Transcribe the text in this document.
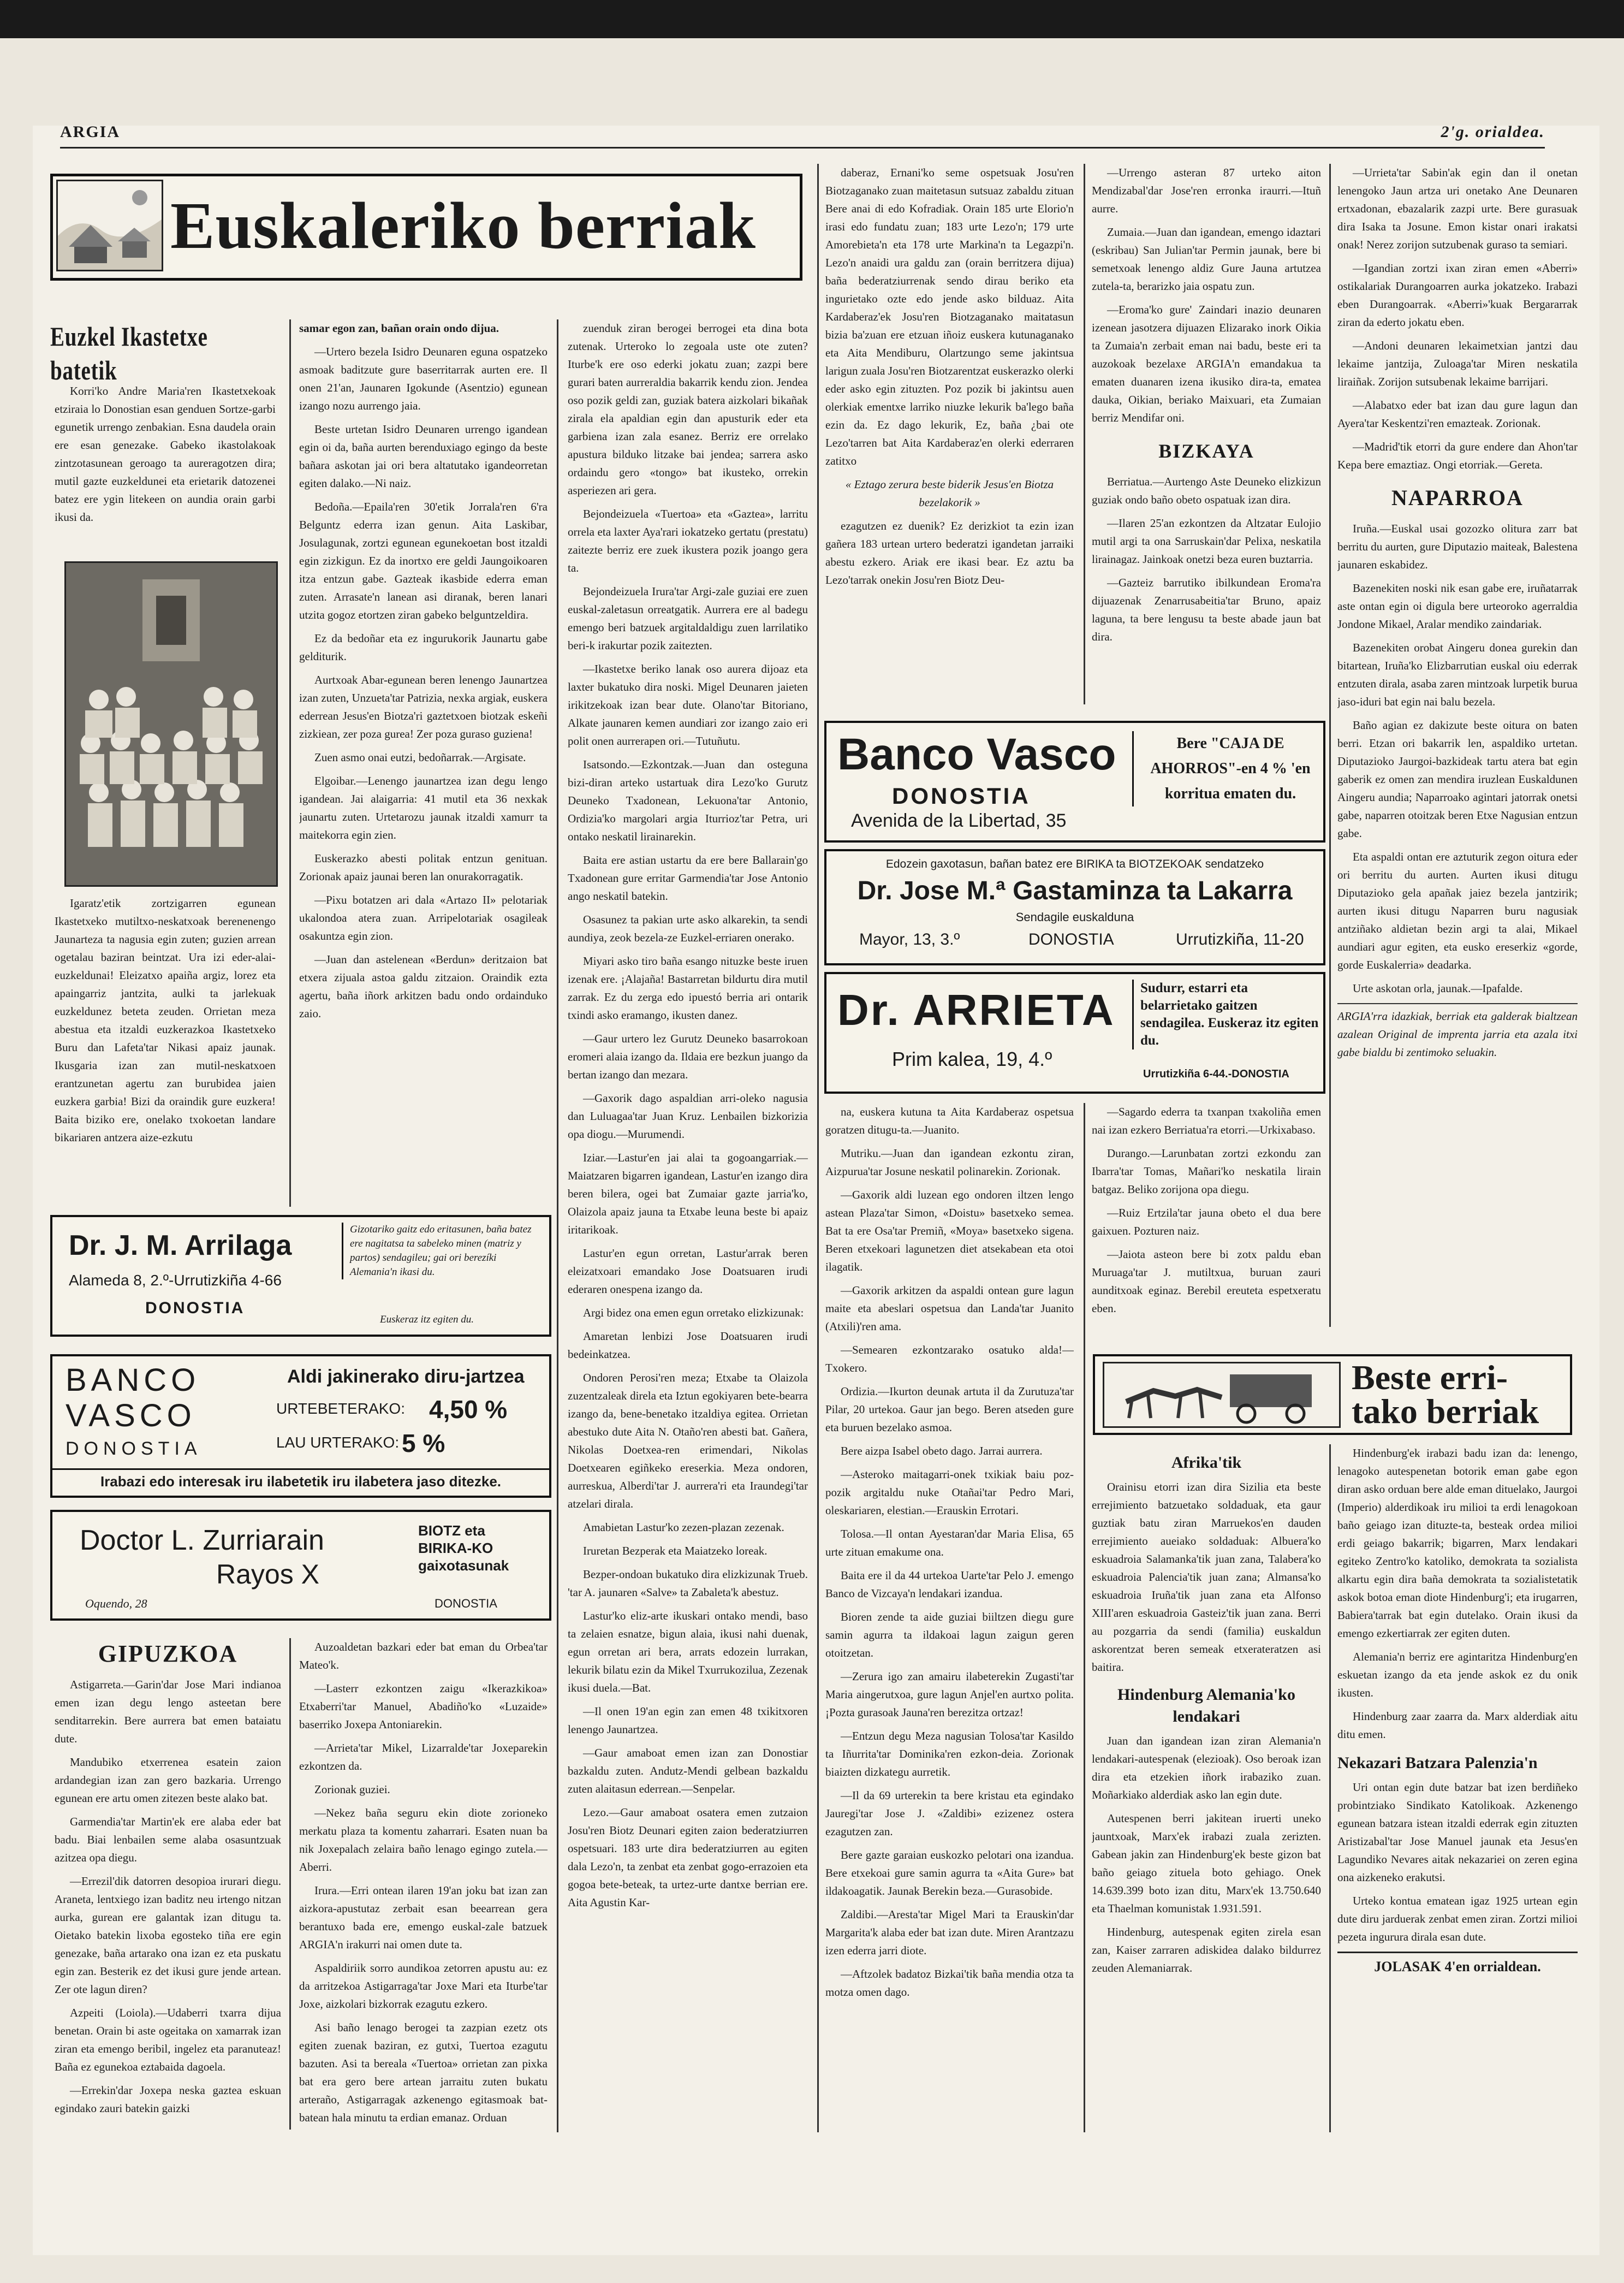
ARGIA	2'g. orialdea.
Euskaleriko berriak
Euzkel Ikastetxe batetik

Korri'ko Andre Maria'ren Ikastetxekoak etziraia lo Donostian esan genduen Sortze-garbi egunetik urrengo zenbakian. Esna daudela orain ere esan genezake. Gabeko ikastolakoak zintzotasunean geroago ta aureragotzen dira; mutil gazte euzkeldunei eta erietarik datozenei batez ere ygin litekeen on aundia orain garbi ikusi da.

Igaratz'etik zortzigarren egunean Ikastetxeko mutiltxo-neskatxoak berenenengo Jaunarteza ta nagusia egin zuten; guzien arrean ogetalau baziran beintzat. Ura izi eder-alai-euzkeldunai! Eleizatxo apaiña argiz, lorez eta apaingarriz jantzita, aulki ta jarlekuak euzkeldunez beteta zeuden. Orrietan meza abestua eta itzaldi euzkerazkoa Ikastetxeko Buru dan Lafeta'tar Nikasi apaiz jaunak. Ikusgaria izan zan mutil-neskatxoen erantzunetan agertu zan burubidea jaien euzkera garbia! Bizi da oraindik gure euzkera! Baita biziko ere, onelako txokoetan landare bikariaren antzera aize-ezkutu

samar egon zan, bañan orain ondo dijua.

—Urtero bezela Isidro Deunaren eguna ospatzeko asmoak baditzute gure baserritarrak aurten ere. Il onen 21'an, Jaunaren Igokunde (Asentzio) egunean izango nozu aurrengo jaia.

Beste urtetan Isidro Deunaren urrengo igandean egin oi da, baña aurten berenduxiago egingo da beste bañara askotan jai ori bera altatutako igandeorretan egiten dalako.—Ni naiz.

Bedoña.—Epaila'ren 30'etik Jorrala'ren 6'ra Belguntz ederra izan genun. Aita Laskibar, Josulagunak, zortzi egunean egunekoetan bost itzaldi egin zizkigun. Ez da inortxo ere geldi Jaungoikoaren itza entzun gabe. Gazteak ikasbide ederra eman zuten. Arrasate'n lanean asi diranak, beren lanari utzita gogoz etortzen ziran gabeko belguntzeldira.

Ez da bedoñar eta ez ingurukorik Jaunartu gabe gelditurik.

Aurtxoak Abar-egunean beren lenengo Jaunartzea izan zuten, Unzueta'tar Patrizia, nexka argiak, euskera ederrean Jesus'en Biotza'ri gaztetxoen biotzak eskeñi zizkiean, zer poza gurea! Zer poza guraso guziena!

Zuen asmo onai eutzi, bedoñarrak.—Argisate.

Elgoibar.—Lenengo jaunartzea izan degu lengo igandean. Jai alaigarria: 41 mutil eta 36 nexkak jaunartu zuten. Urtetarozu jaunak itzaldi xamurr ta maitekorra egin zien.

Euskerazko abesti politak entzun genituan. Zorionak apaiz jaunai beren lan onurakorragatik.

—Pixu botatzen ari dala «Artazo II» pelotariak ukalondoa atera zuan. Arripelotariak osagileak osakuntza egin zion.

—Juan dan astelenean «Berdun» deritzaion bat etxera zijuala astoa galdu zitzaion. Oraindik ezta agertu, baña iñork arkitzen badu ondo ordainduko zaio.

zuenduk ziran berogei berrogei eta dina bota zutenak. Urteroko lo zegoala uste ote zuten? Iturbe'k ere oso ederki jokatu zuan; zazpi bere gurari baten aurreraldia bakarrik kendu zion. Jendea oso pozik geldi zan, guziak batera aizkolari bikañak zirala ela apaldian egin dan apusturik eder eta garbiena izan zala esanez. Berriz ere orrelako apustura bilduko litzake bai jendea; sarrera asko ordaindu gero «tongo» bat ikusteko, orrekin asperiezen ari gera.

Bejondeizuela «Tuertoa» eta «Gaztea», larritu orrela eta laxter Aya'rari iokatzeko gertatu (prestatu) zaitezte berriz ere zuek ikustera pozik joango gera ta.

Bejondeizuela Irura'tar Argi-zale guziai ere zuen euskal-zaletasun orreatgatik. Aurrera ere al badegu emengo beri batzuek argitaldaldigu zuen larrilatiko beri-k irakurtar pozik zaitezten.

—Ikastetxe beriko lanak oso aurera dijoaz eta laxter bukatuko dira noski. Migel Deunaren jaieten irikitzekoak izan bear dute. Olano'tar Bitoriano, Alkate jaunaren kemen aundiari zor izango zaio eri polit onen aurrerapen ori.—Tutuñutu.

Isatsondo.—Ezkontzak.—Juan dan osteguna bizi-diran arteko ustartuak dira Lezo'ko Gurutz Deuneko Txadonean, Lekuona'tar Antonio, Ordizia'ko margolari argia Iturrioz'tar Petra, uri ontako neskatil lirainarekin.

Baita ere astian ustartu da ere bere Ballarain'go Txadonean gure erritar Garmendia'tar Jose Antonio ango neskatil batekin.

Osasunez ta pakian urte asko alkarekin, ta sendi aundiya, zeok bezela-ze Euzkel-erriaren onerako.

Miyari asko tiro baña esango nituzke beste iruen izenak ere. ¡Alajaña! Bastarretan bildurtu dira mutil zarrak. Ez du zerga edo ipuestó berria ari ontarik txindi asko eramango, ikusten danez.

—Gaur urtero lez Gurutz Deuneko basarrokoan eromeri alaia izango da. Ildaia ere bezkun juango da bertan izango dan mezara.

—Gaxorik dago aspaldian arri-oleko nagusia dan Luluagaa'tar Juan Kruz. Lenbailen bizkorizia opa diogu.—Murumendi.

Iziar.—Lastur'en jai alai ta gogoangarriak.—Maiatzaren bigarren igandean, Lastur'en izango dira beren bilera, ogei bat Zumaiar gazte jarria'ko, Olaizola apaiz jauna ta Etxabe leuna beste bi apaiz iritarikoak.

Lastur'en egun orretan, Lastur'arrak beren eleizatxoari emandako Jose Doatsuaren irudi ederaren onespena izango da.

Argi bidez ona emen egun orretako elizkizunak:

Amaretan lenbizi Jose Doatsuaren irudi bedeinkatzea.

Ondoren Perosi'ren meza; Etxabe ta Olaizola zuzentzaleak direla eta Iztun egokiyaren bete-bearra izango da, bene-benetako itzaldiya egitea. Orrietan abestuko dute Aita N. Otaño'ren abesti bat. Gañera, Nikolas Doetxea-ren erimendari, Nikolas Doetxearen egiñkeko ereserkia. Meza ondoren, aurreskua, Alberdi'tar J. aurrera'ri eta Iraundegi'tar atzelari dirala.

Amabietan Lastur'ko zezen-plazan zezenak.

Iruretan Bezperak eta Maiatzeko loreak.

Bezper-ondoan bukatuko dira elizkizunak Trueb. 'tar A. jaunaren «Salve» ta Zabaleta'k abestuz.

Lastur'ko eliz-arte ikuskari ontako mendi, baso ta zelaien esnatze, bigun alaia, ikusi nahi duenak, egun orretan ari bera, arrats edozein lurrakan, lekurik bilatu ezin da Mikel Txurrukozilua, Zezenak ikusi duela.—Bat.

—Il onen 19'an egin zan emen 48 txikitxoren lenengo Jaunartzea.

—Gaur amaboat emen izan zan Donostiar bazkaldu zuten. Andutz-Mendi gelbean bazkaldu zuten alaitasun ederrean.—Senpelar.

Lezo.—Gaur amaboat osatera emen zutzaion Josu'ren Biotz Deunari egiten zaion bederatziurren ospetsuari. 183 urte dira bederatziurren au egiten dala Lezo'n, ta zenbat eta zenbat gogo-errazoien eta gogoa bete-beteak, ta urtez-urte dantxe berrian ere. Aita Agustin Kar-

daberaz, Ernani'ko seme ospetsuak Josu'ren Biotzaganako zuan maitetasun sutsuaz zabaldu zituan Bere anai di edo Kofradiak. Orain 185 urte Elorio'n irasi edo fundatu zuan; 183 urte Lezo'n; 179 urte Amorebieta'n eta 178 urte Markina'n ta Legazpi'n. Lezo'n anaidi ura galdu zan (orain berritzera dijua) baña bederatziurrenak sendo dirau beriko eta ingurietako ozte edo jende asko bilduaz. Aita Kardaberaz'ek Josu'ren Biotzaganako maitatasun bizia ba'zuan ere etzuan iñoiz euskera kutunaganako eta Aita Mendiburu, Olartzungo seme jakintsua larigun zuala Josu'ren Biotzarentzat euskerazko olerki eder asko egin zituzten. Poz pozik bi jakintsu auen olerkiak ementxe larriko niuzke lekurik ba'lego baña ezin da. Ez dago lekurik, Ez, baña ¿bai ote Lezo'tarren bat Aita Kardaberaz'en olerki ederraren zatitxo

« Eztago zerura beste biderik Jesus'en Biotza bezelakorik »

ezagutzen ez duenik? Ez derizkiot ta ezin izan gañera 183 urtean urtero bederatzi igandetan jarraiki abestu ezkero. Ariak ere ikasi bear. Ez aztu ba Lezo'tarrak onekin Josu'ren Biotz Deu-

—Urrengo asteran 87 urteko aiton Mendizabal'dar Jose'ren erronka iraurri.—Ituñ aurre.

Zumaia.—Juan dan igandean, emengo idaztari (eskribau) San Julian'tar Permin jaunak, bere bi semetxoak lenengo aldiz Gure Jauna artutzea zutela-ta, berarizko jaia ospatu zun.

—Eroma'ko gure' Zaindari inazio deunaren izenean jasotzera dijuazen Elizarako inork Oikia ta Zumaia'n zerbait eman nai badu, beste eri ta auzokoak bezelaxe ARGIA'n emandakua ta ematen duanaren izena ikusiko dira-ta, ematea dauka, Oikian, beriako Maixuari, eta Zumaian berriz Mendifar oni.

BIZKAYA

Berriatua.—Aurtengo Aste Deuneko elizkizun guziak ondo baño obeto ospatuak izan dira.

—Ilaren 25'an ezkontzen da Altzatar Eulojio mutil argi ta ona Sarruskain'dar Pelixa, neskatila lirainagaz. Jainkoak onetzi beza euren buztarria.

—Gazteiz barrutiko ibilkundean Eroma'ra dijuazenak Zenarrusabeitia'tar Bruno, apaiz laguna, ta bere lengusu ta beste abade jaun bat dira.

—Urrieta'tar Sabin'ak egin dan il onetan lenengoko Jaun artza uri onetako Ane Deunaren ertxadonan, ebazalarik zazpi urte. Bere gurasuak dira Isaka ta Josune. Emon kistar onari irakatsi onak! Nerez zorijon sutzubenak guraso ta semiari.

—Igandian zortzi ixan ziran emen «Aberri» ostikalariak Durangoarren aurka jokatzeko. Irabazi eben Durangoarrak. «Aberri»'kuak Bergararrak ziran da ederto jokatu eben.

—Andoni deunaren lekaimetxian jantzi dau lekaime jantzija, Zuloaga'tar Miren neskatila liraiñak. Zorijon sutsubenak lekaime barrijari.

—Alabatxo eder bat izan dau gure lagun dan Ayera'tar Keskentzi'ren emazteak. Zorionak.

—Madrid'tik etorri da gure endere dan Ahon'tar Kepa bere emaztiaz. Ongi etorriak.—Gereta.

NAPARROA

Iruña.—Euskal usai gozozko olitura zarr bat berritu du aurten, gure Diputazio maiteak, Balestena jaunaren eskabidez.

Bazenekiten noski nik esan gabe ere, iruñatarrak aste ontan egin oi digula bere urteoroko agerraldia Jondone Mikael, Aralar mendiko zaindariak.

Bazenekiten orobat Aingeru donea gurekin dan bitartean, Iruña'ko Elizbarrutian euskal oiu ederrak entzuten dirala, asaba zaren mintzoak lurpetik burua jaso-iduri bat egin nai balu bezela.

Baño agian ez dakizute beste oitura on baten berri. Etzan ori bakarrik len, aspaldiko urtetan. Diputazioko Jaurgoi-bazkideak tartu atera bat egin gaberik ez omen zan mendira iruzlean Euskaldunen Aingeru aundia; Naparroako agintari jatorrak onetsi gabe, naparren otoitzak beren Etxe Nagusian entzun gabe.

Eta aspaldi ontan ere aztuturik zegon oitura eder ori berritu du aurten. Aurten ikusi ditugu Diputazioko gela apañak jaiez bezela jantzirik; aurten ikusi ditugu Naparren buru nagusiak antziñako aldietan bezin argi ta alai, Mikael aundiari agur egiten, eta eusko ereserkiz «gorde, gorde Euskalerria» deadarka.

Urte askotan orla, jaunak.—Ipafalde.

ARGIA'rra idazkiak, berriak eta galderak bialtzean azalean Original de imprenta jarria eta azala itxi gabe bialdu bi zentimoko seluakin.

Banco Vasco
DONOSTIA
Avenida de la Libertad, 35
Bere "CAJA DE AHORROS"-en 4 % 'en korritua ematen du.
Edozein gaxotasun, bañan batez ere BIRIKA ta BIOTZEKOAK sendatzeko
Dr. Jose M.ª Gastaminza ta Lakarra
Sendagile euskalduna
Mayor, 13, 3.º	DONOSTIA	Urrutizkiña, 11-20
Dr. ARRIETA
Prim kalea, 19, 4.º
Sudurr, estarri eta belarrietako gaitzen sendagilea. Euskeraz itz egiten du.
Urrutizkiña 6-44.-DONOSTIA

na, euskera kutuna ta Aita Kardaberaz ospetsua goratzen ditugu-ta.—Juanito.

Mutriku.—Juan dan igandean ezkontu ziran, Aizpurua'tar Josune neskatil polinarekin. Zorionak.

—Gaxorik aldi luzean ego ondoren iltzen lengo astean Plaza'tar Simon, «Doistu» basetxeko semea. Bat ta ere Osa'tar Premiñ, «Moya» basetxeko sigena. Beren etxekoari lagunetzen diet atsekabean eta otoi ilagatik.

—Gaxorik arkitzen da aspaldi ontean gure lagun maite eta abeslari ospetsua dan Landa'tar Juanito (Atxili)'ren ama.

—Semearen ezkontzarako osatuko alda!—Txokero.

Ordizia.—Ikurton deunak artuta il da Zurutuza'tar Pilar, 20 urtekoa. Gaur jan bego. Beren atseden gure eta buruen bezelako asmoa.

Bere aizpa Isabel obeto dago. Jarrai aurrera.

—Asteroko maitagarri-onek txikiak baiu poz-pozik argitaldu nuke Otañai'tar Pedro Mari, oleskariaren, elestian.—Erauskin Errotari.

Tolosa.—Il ontan Ayestaran'dar Maria Elisa, 65 urte zituan emakume ona.

Baita ere il da 44 urtekoa Uarte'tar Pelo J. emengo Banco de Vizcaya'n lendakari izandua.

Bioren zende ta aide guziai biiltzen diegu gure samin agurra ta ildakoai lagun zaigun geren otoitzetan.

—Zerura igo zan amairu ilabeterekin Zugasti'tar Maria aingerutxoa, gure lagun Anjel'en aurtxo polita. ¡Pozta gurasoak Jauna'ren berezitza ortzaz!

—Entzun degu Meza nagusian Tolosa'tar Kasildo ta Iñurrita'tar Dominika'ren ezkon-deia. Zorionak biaizten dizkategu aurretik.

—Il da 69 urterekin ta bere kristau eta egindako Jauregi'tar Jose J. «Zaldibi» ezizenez ostera ezagutzen zan.

Bere gazte garaian euskozko pelotari ona izandua. Bere etxekoai gure samin agurra ta «Aita Gure» bat ildakoagatik. Jaunak Berekin beza.—Gurasobide.

Zaldibi.—Aresta'tar Migel Mari ta Erauskin'dar Margarita'k alaba eder bat izan dute. Miren Arantzazu izen ederra jarri diote.

—Aftzolek badatoz Bizkai'tik baña mendia otza ta motza omen dago.

—Sagardo ederra ta txanpan txakoliña emen nai izan ezkero Berriatua'ra etorri.—Urkixabaso.

Durango.—Larunbatan zortzi ezkondu zan Ibarra'tar Tomas, Mañari'ko neskatila lirain batgaz. Beliko zorijona opa diegu.

—Ruiz Ertzila'tar jauna obeto el dua bere gaixuen. Pozturen naiz.

—Jaiota asteon bere bi zotx paldu eban Muruaga'tar J. mutiltxua, buruan zauri aunditxoak eginaz. Berebil ereuteta espetxeratu eben.

Beste erri-tako berriak
Afrika'tik

Orainisu etorri izan dira Sizilia eta beste errejimiento batzuetako soldaduak, eta gaur guztiak batu ziran Marruekos'en dauden errejimiento aueiako soldaduak: Albuera'ko eskuadroia Salamanka'tik juan zana, Talabera'ko eskuadroia Palencia'tik juan zana; Almansa'ko eskuadroia Iruña'tik juan zana eta Alfonso XIII'aren eskuadroia Gasteiz'tik juan zana. Berri au pozgarria da sendi (familia) euskaldun askorentzat beren semeak etxerateratzen asi baitira.

Hindenburg Alemania'ko lendakari

Juan dan igandean izan ziran Alemania'n lendakari-autespenak (elezioak). Oso beroak izan dira eta etzekien iñork irabaziko zuan. Moñarkiako alderdiak asko lan egin dute.

Autespenen berri jakitean iruerti uneko jauntxoak, Marx'ek irabazi zuala zerizten. Gabean jakin zan Hindenburg'ek beste gizon bat baño geiago zituela boto gehiago. Onek 14.639.399 boto izan ditu, Marx'ek 13.750.640 eta Thaelman komunistak 1.931.591.

Hindenburg, autespenak egiten zirela esan zan, Kaiser zarraren adiskidea dalako bildurrez zeuden Alemaniarrak.

Hindenburg'ek irabazi badu izan da: lenengo, lenagoko autespenetan botorik eman gabe egon diran asko orduan bere alde eman dituelako, Jaurgoi (Imperio) alderdikoak iru milioi ta erdi lenagokoan baño geiago izan dituzte-ta, besteak ordea milioi erdi geiago bakarrik; bigarren, Marx lendakari egiteko Zentro'ko katoliko, demokrata ta sozialista alkartu egin dira baña demokrata ta sozialistetatik askok botoa eman diote Hindenburg'i; eta irugarren, Babiera'tarrak bat egin dutelako. Orain ikusi da emengo ezkertiarrak zer egiten duten.

Alemania'n berriz ere agintaritza Hindenburg'en eskuetan izango da eta jende askok ez du onik ikusten.

Hindenburg zaar zaarra da. Marx alderdiak aitu ditu emen.

Nekazari Batzara Palenzia'n

Uri ontan egin dute batzar bat izen berdiñeko probintziako Sindikato Katolikoak. Azkenengo egunean batzara istean itzaldi ederrak egin zituzten Aristizabal'tar Jose Manuel jaunak eta Jesus'en Lagundiko Nevares aitak nekazariei on zeren egina ona aizkeneko erakutsi.

Urteko kontua ematean igaz 1925 urtean egin dute diru jarduerak zenbat emen ziran. Zortzi milioi pezeta ingurura dirala esan dute.

JOLASAK 4'en orrialdean.

Dr. J. M. Arrilaga
Alameda 8, 2.º-Urrutizkiña 4-66
DONOSTIA
Gizotariko gaitz edo eritasunen, baña batez ere nagitatsa ta sabeleko minen (matriz y partos) sendagileu; gai ori berezíki Alemania'n ikasi du.
Euskeraz itz egiten du.
BANCO
VASCO
DONOSTIA
Aldi jakinerako diru-jartzea
URTEBETERAKO: 4,50 %
LAU URTERAKO: 5 %
Irabazi edo interesak iru ilabetetik iru ilabetera jaso ditezke.
Doctor L. Zurriarain
Rayos X
BIOTZ eta BIRIKA-KO gaixotasunak
Oquendo, 28	DONOSTIA
GIPUZKOA

Astigarreta.—Garin'dar Jose Mari indianoa emen izan degu lengo asteetan bere senditarrekin. Bere aurrera bat emen bataiatu dute.

Mandubiko etxerrenea esatein zaion ardandegian izan zan gero bazkaria. Urrengo egunean ere artu omen zitezen beste alako bat.

Garmendia'tar Martin'ek ere alaba eder bat badu. Biai lenbailen seme alaba osasuntzuak azitzea opa diegu.

—Errezil'dik datorren desopioa irurari diegu. Araneta, lentxiego izan baditz neu irtengo nitzan aurka, gurean ere galantak izan ditugu ta. Oietako batekin lixoba egosteko tiña ere egin genezake, baña artarako ona izan ez eta puskatu egin zan. Besterik ez det ikusi gure jende artean. Zer ote lagun diren?

Azpeiti (Loiola).—Udaberri txarra dijua benetan. Orain bi aste ogeitaka on xamarrak izan ziran eta emengo beribil, ingelez eta paranuteaz! Baña ez egunekoa eztabaida dagoela.

—Errekin'dar Joxepa neska gaztea eskuan egindako zauri batekin gaizki

Auzoaldetan bazkari eder bat eman du Orbea'tar Mateo'k.

—Lasterr ezkontzen zaigu «Ikerazkikoa» Etxaberri'tar Manuel, Abadiño'ko «Luzaide» baserriko Joxepa Antoniarekin.

—Arrieta'tar Mikel, Lizarralde'tar Joxeparekin ezkontzen da.

Zorionak guziei.

—Nekez baña seguru ekin diote zorioneko merkatu plaza ta komentu zaharrari. Esaten nuan ba nik Joxepalach zelaira baño lenago egingo zutela.—Aberri.

Irura.—Erri ontean ilaren 19'an joku bat izan zan aizkora-apustutaz zerbait esan beearrean gera berantuxo bada ere, emengo euskal-zale batzuek ARGIA'n irakurri nai omen dute ta.

Aspaldiriik sorro aundikoa zetorren apustu au: ez da arritzekoa Astigarraga'tar Joxe Mari eta Iturbe'tar Joxe, aizkolari bizkorrak ezagutu ezkero.

Asi baño lenago berogei ta zazpian ezetz ots egiten zuenak baziran, ez gutxi, Tuertoa ezagutu bazuten. Asi ta bereala «Tuertoa» orrietan zan pixka bat era gero bere artean jarraitu zuten bukatu arteraño, Astigarragak azkenengo egitasmoak bat-batean hala minutu ta erdian emanaz. Orduan
